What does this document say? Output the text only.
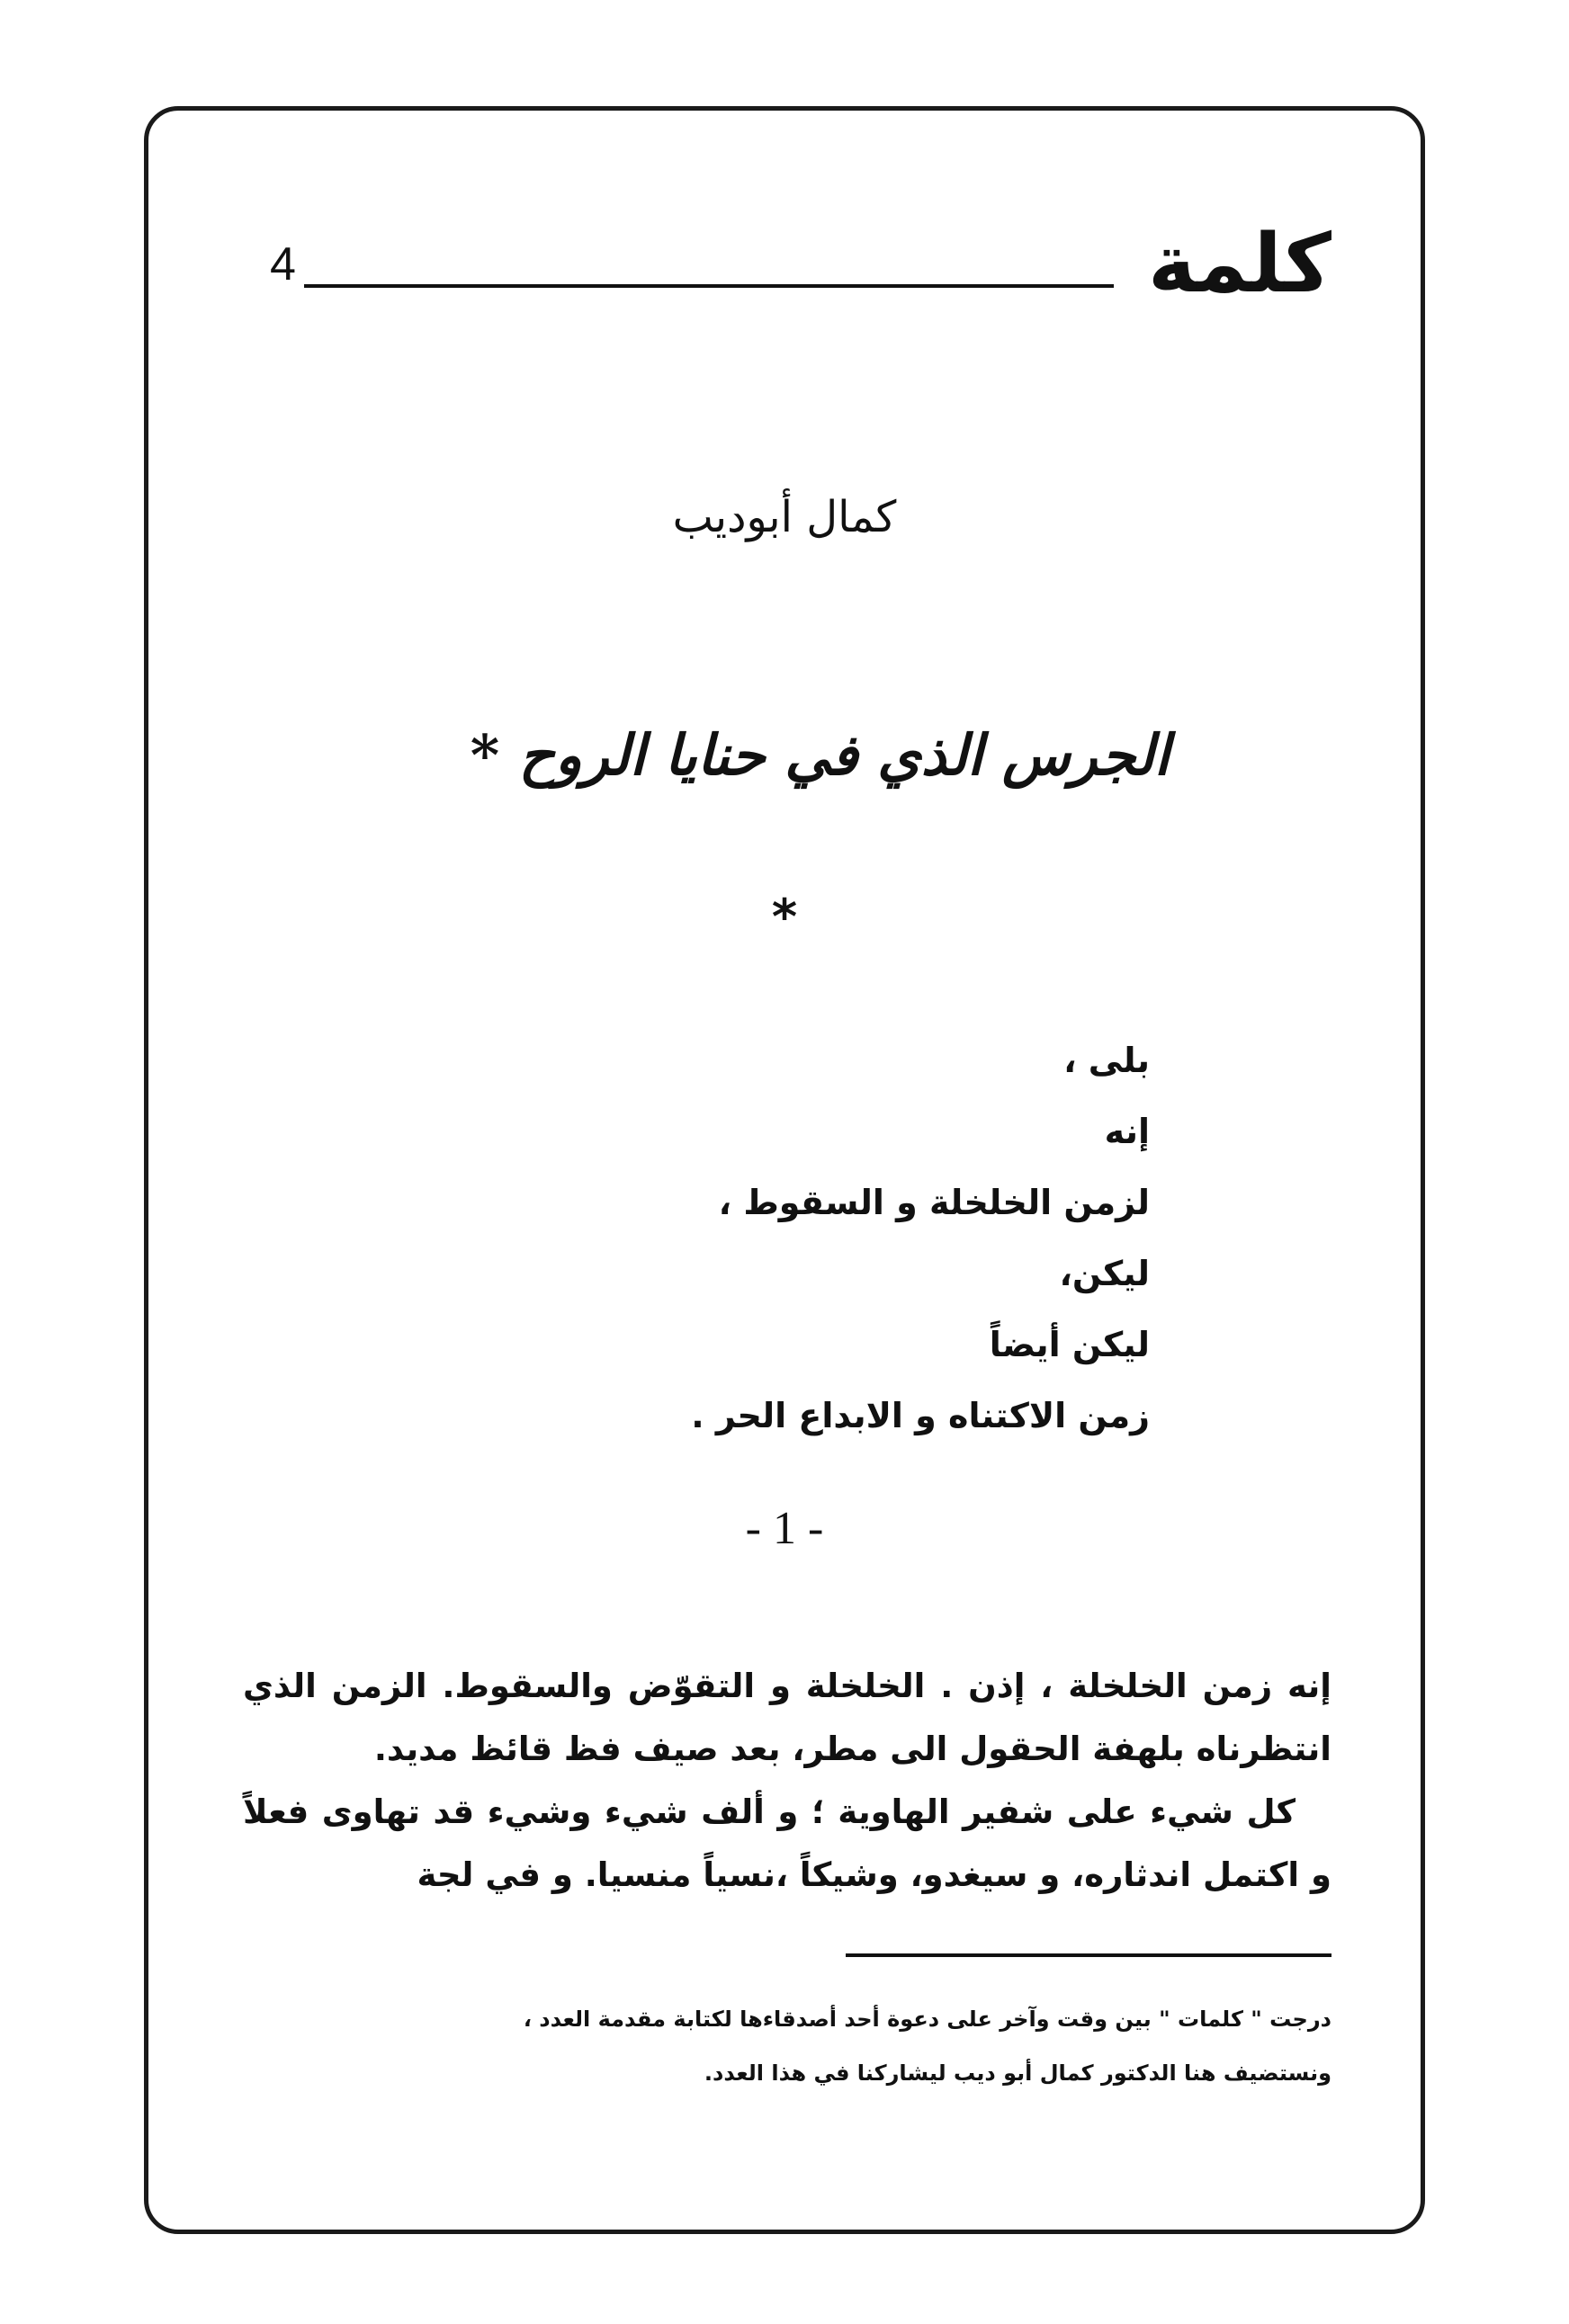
4	كلمة
كمال أبوديب
الجرس الذي في حنايا الروح *
*
بلى ،
إنه
لزمن الخلخلة و السقوط ،
ليكن،
ليكن أيضاً
زمن الاكتناه و الابداع الحر .
- 1 -

إنه زمن الخلخلة ، إذن . الخلخلة و التقوّض والسقوط. الزمن الذي انتظرناه بلهفة الحقول الى مطر، بعد صيف فظ قائظ مديد.

كل شيء على شفير الهاوية ؛ و ألف شيء وشيء قد تهاوى فعلاً و اكتمل اندثاره، و سيغدو، وشيكاً ،نسياً منسيا. و في لجة

درجت " كلمات " بين وقت وآخر على دعوة أحد أصدقاءها لكتابة مقدمة العدد ،

ونستضيف هنا الدكتور كمال أبو ديب ليشاركنا في هذا العدد.
